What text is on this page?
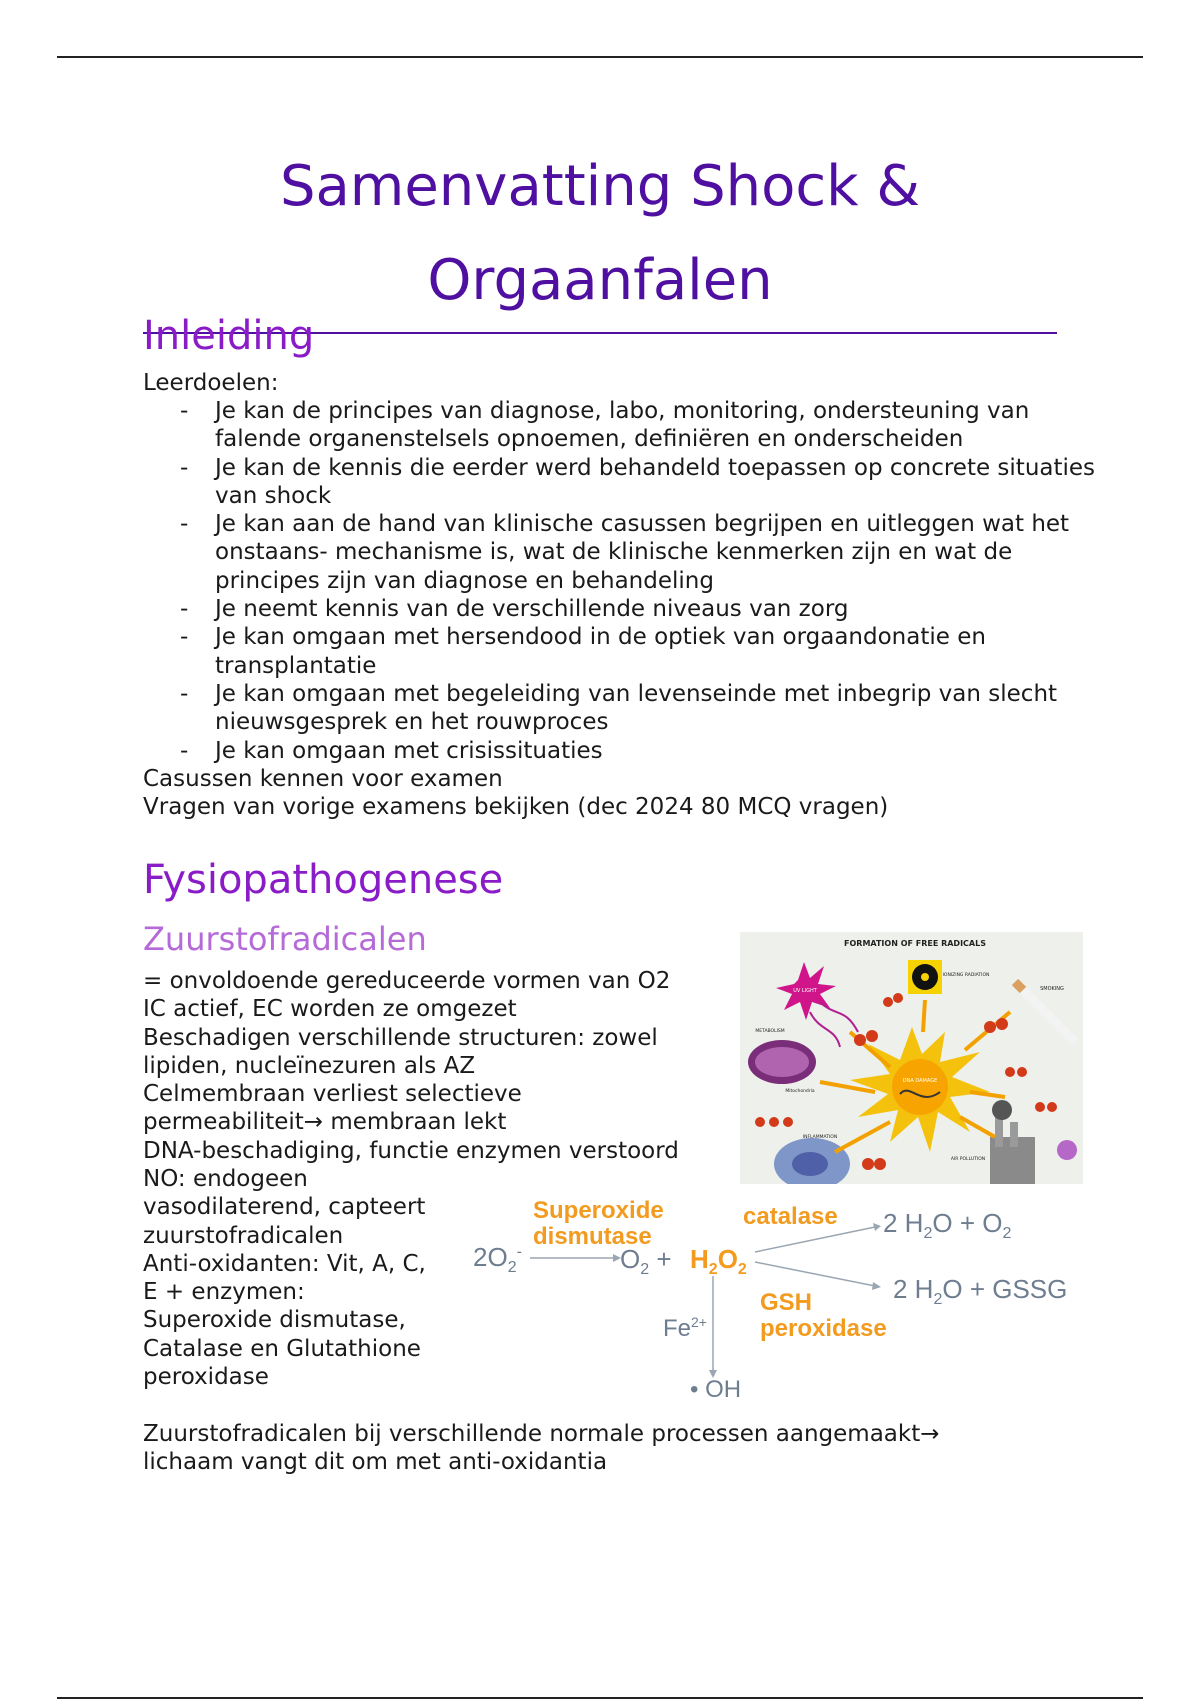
Samenvatting Shock & Orgaanfalen
Inleiding
Leerdoelen:
- Je kan de principes van diagnose, labo, monitoring, ondersteuning van falende organenstelsels opnoemen, definiëren en onderscheiden
- Je kan de kennis die eerder werd behandeld toepassen op concrete situaties van shock
- Je kan aan de hand van klinische casussen begrijpen en uitleggen wat het onstaans- mechanisme is, wat de klinische kenmerken zijn en wat de principes zijn van diagnose en behandeling
- Je neemt kennis van de verschillende niveaus van zorg
- Je kan omgaan met hersendood in de optiek van orgaandonatie en transplantatie
- Je kan omgaan met begeleiding van levenseinde met inbegrip van slecht nieuwsgesprek en het rouwproces
- Je kan omgaan met crisissituaties
Casussen kennen voor examen
Vragen van vorige examens bekijken (dec 2024 80 MCQ vragen)
Fysiopathogenese
Zuurstofradicalen
= onvoldoende gereduceerde vormen van O2
IC actief, EC worden ze omgezet
Beschadigen verschillende structuren: zowel
lipiden, nucleïnezuren als AZ
Celmembraan verliest selectieve
permeabiliteit→ membraan lekt
DNA-beschadiging, functie enzymen verstoord
NO: endogeen
vasodilaterend, capteert
zuurstofradicalen
Anti-oxidanten: Vit, A, C,
E + enzymen:
Superoxide dismutase,
Catalase en Glutathione
peroxidase
FORMATION OF FREE RADICALS
UV LIGHT
IONIZING RADIATION
SMOKING
DNA DAMAGE
METABOLISM
Mitochondria
INFLAMMATION
AIR POLLUTION
Superoxide
dismutase
catalase
GSH
peroxidase
$2O_2^-$	$O_2 + H_2O_2$
2 $H_2O + O_2$
2 $H_2O$ + GSSG
$Fe^{2+}$
• OH
Zuurstofradicalen bij verschillende normale processen aangemaakt→
lichaam vangt dit om met anti-oxidantia
